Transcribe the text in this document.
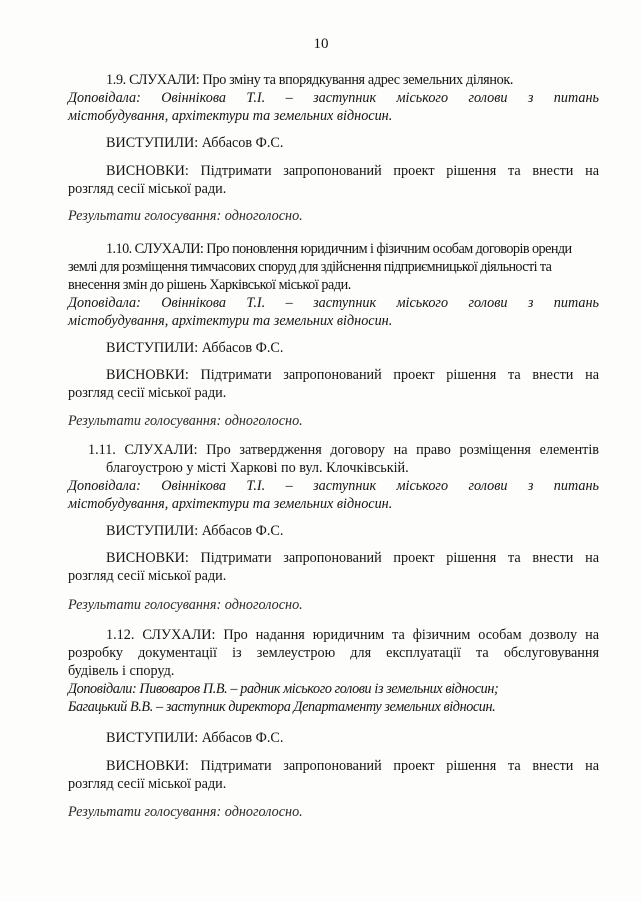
10
1.9. СЛУХАЛИ: Про зміну та впорядкування адрес земельних ділянок.
Доповідала: Овіннікова Т.І. – заступник міського голови з питань
містобудування, архітектури та земельних відносин.
ВИСТУПИЛИ: Аббасов Ф.С.
ВИСНОВКИ: Підтримати запропонований проект рішення та внести на
розгляд сесії міської ради.
Результати голосування: одноголосно.
1.10. СЛУХАЛИ: Про поновлення юридичним і фізичним особам договорів оренди
землі для розміщення тимчасових споруд для здійснення підприємницької діяльності та
внесення змін до рішень Харківської міської ради.
Доповідала: Овіннікова Т.І. – заступник міського голови з питань
містобудування, архітектури та земельних відносин.
ВИСТУПИЛИ: Аббасов Ф.С.
ВИСНОВКИ: Підтримати запропонований проект рішення та внести на
розгляд сесії міської ради.
Результати голосування: одноголосно.
1.11. СЛУХАЛИ: Про затвердження договору на право розміщення елементів
благоустрою у місті Харкові по вул. Клочківській.
Доповідала: Овіннікова Т.І. – заступник міського голови з питань
містобудування, архітектури та земельних відносин.
ВИСТУПИЛИ: Аббасов Ф.С.
ВИСНОВКИ: Підтримати запропонований проект рішення та внести на
розгляд сесії міської ради.
Результати голосування: одноголосно.
1.12. СЛУХАЛИ: Про надання юридичним та фізичним особам дозволу на
розробку документації із землеустрою для експлуатації та обслуговування
будівель і споруд.
Доповідали: Пивоваров П.В. – радник міського голови із земельних відносин;
Багацький В.В. – заступник директора Департаменту земельних відносин.
ВИСТУПИЛИ: Аббасов Ф.С.
ВИСНОВКИ: Підтримати запропонований проект рішення та внести на
розгляд сесії міської ради.
Результати голосування: одноголосно.
